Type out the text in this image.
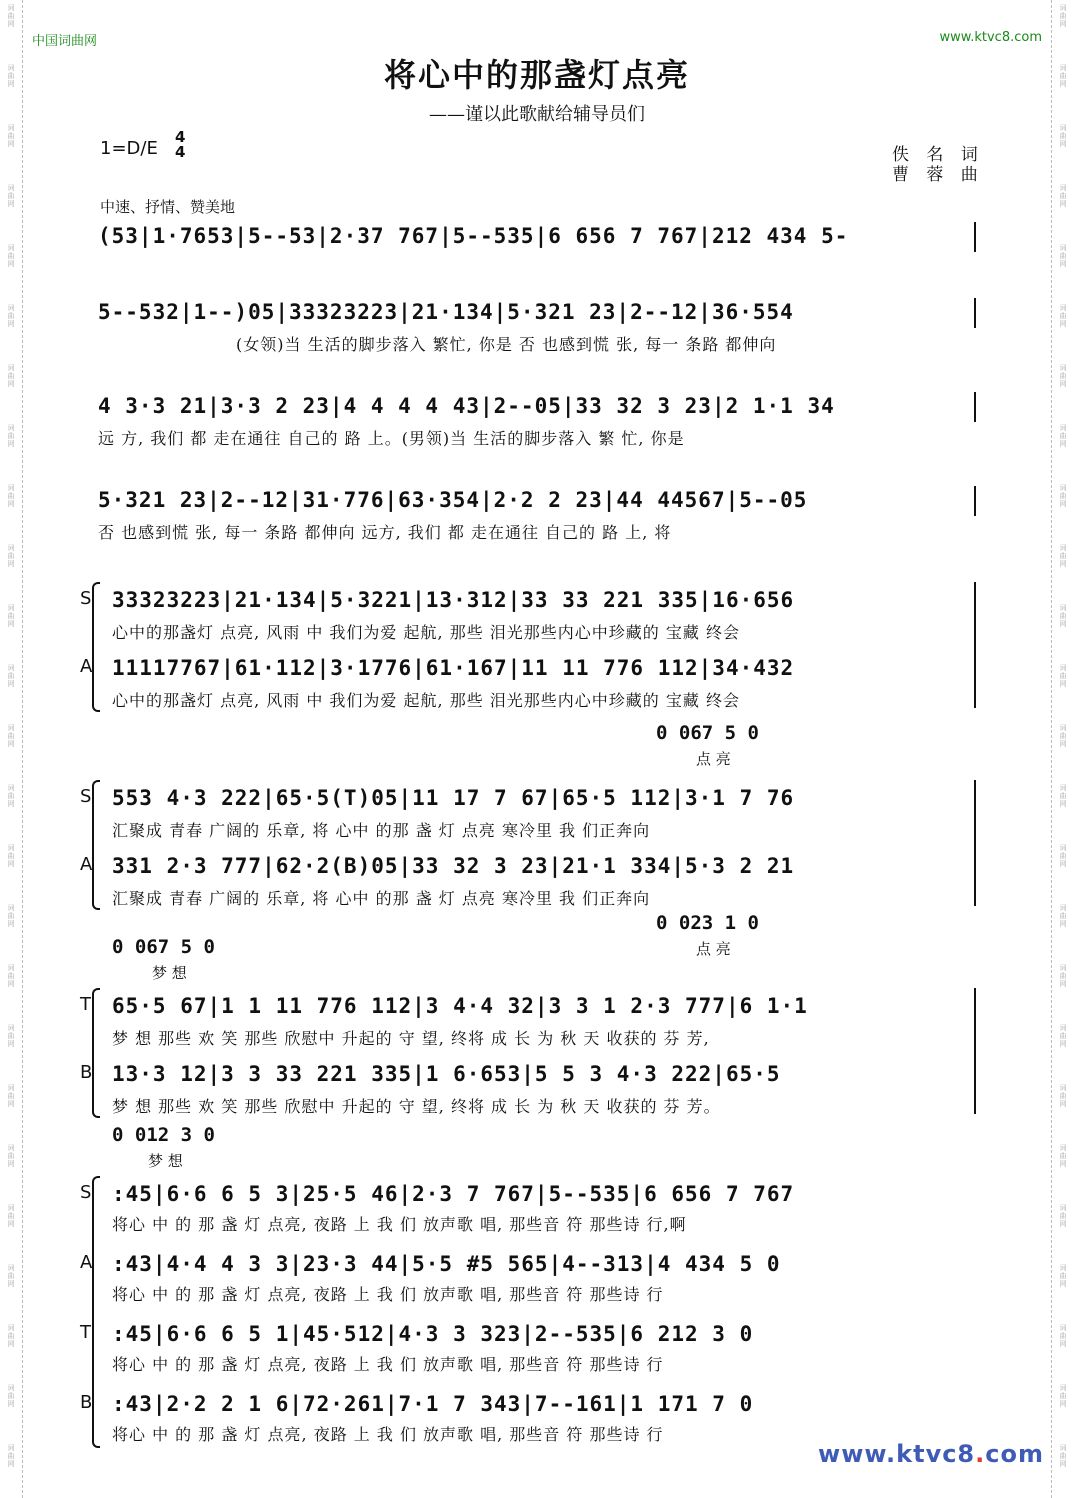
词
曲
网
词
曲
网
词
曲
网
词
曲
网
词
曲
网
词
曲
网
词
曲
网
词
曲
网
词
曲
网
词
曲
网
词
曲
网
词
曲
网
词
曲
网
词
曲
网
词
曲
网
词
曲
网
词
曲
网
词
曲
网
词
曲
网
词
曲
网
词
曲
网
词
曲
网
词
曲
网
词
曲
网
词
曲
网
词
曲
网
词
曲
网
词
曲
网
词
曲
网
词
曲
网
词
曲
网
词
曲
网
词
曲
网
词
曲
网
词
曲
网
词
曲
网
词
曲
网
词
曲
网
词
曲
网
词
曲
网
词
曲
网
词
曲
网
词
曲
网
词
曲
网
词
曲
网
词
曲
网
词
曲
网
词
曲
网
词
曲
网
词
曲
网
中国词曲网	www.ktvc8.com
将心中的那盏灯点亮
——谨以此歌献给辅导员们
1=D/E
4
4	佚 名 词
曹 蓉 曲
中速、抒情、赞美地
(53|1·7653|5--53|2·37 767|5--535|6 656 7 767|212 434 5-
5--532|1--)05|33323223|21·134|5·321 23|2--12|36·554
(女领)当 生活的脚步落入 繁忙, 你是 否 也感到慌 张, 每一 条路 都伸向
4 3·3 21|3·3 2 23|4 4 4 4 43|2--05|33 32 3 23|2 1·1 34
远 方, 我们 都 走在通往 自己的 路 上。(男领)当 生活的脚步落入 繁 忙, 你是
5·321 23|2--12|31·776|63·354|2·2 2 23|44 44567|5--05
否 也感到慌 张, 每一 条路 都伸向 远方, 我们 都 走在通往 自己的 路 上, 将
S 33323223|21·134|5·3221|13·312|33 33 221 335|16·656
心中的那盏灯 点亮, 风雨 中 我们为爱 起航, 那些 泪光那些内心中珍藏的 宝藏 终会
A 11117767|61·112|3·1776|61·167|11 11 776 112|34·432
心中的那盏灯 点亮, 风雨 中 我们为爱 起航, 那些 泪光那些内心中珍藏的 宝藏 终会
0 067 5 0
点 亮
S 553 4·3 222|65·5(T)05|11 17 7 67|65·5 112|3·1 7 76
汇聚成 青春 广阔的 乐章, 将 心中 的那 盏 灯 点亮 寒冷里 我 们正奔向
A 331 2·3 777|62·2(B)05|33 32 3 23|21·1 334|5·3 2 21
汇聚成 青春 广阔的 乐章, 将 心中 的那 盏 灯 点亮 寒冷里 我 们正奔向
0 023 1 0
点 亮
0 067 5 0
梦 想
T 65·5 67|1 1 11 776 112|3 4·4 32|3 3 1 2·3 777|6 1·1
梦 想 那些 欢 笑 那些 欣慰中 升起的 守 望, 终将 成 长 为 秋 天 收获的 芬 芳,
B 13·3 12|3 3 33 221 335|1 6·653|5 5 3 4·3 222|65·5
梦 想 那些 欢 笑 那些 欣慰中 升起的 守 望, 终将 成 长 为 秋 天 收获的 芬 芳。
0 012 3 0
梦 想
S :45|6·6 6 5 3|25·5 46|2·3 7 767|5--535|6 656 7 767
将心 中 的 那 盏 灯 点亮, 夜路 上 我 们 放声歌 唱, 那些音 符 那些诗 行,啊
A :43|4·4 4 3 3|23·3 44|5·5 #5 565|4--313|4 434 5 0
将心 中 的 那 盏 灯 点亮, 夜路 上 我 们 放声歌 唱, 那些音 符 那些诗 行
T :45|6·6 6 5 1|45·512|4·3 3 323|2--535|6 212 3 0
将心 中 的 那 盏 灯 点亮, 夜路 上 我 们 放声歌 唱, 那些音 符 那些诗 行
B :43|2·2 2 1 6|72·261|7·1 7 343|7--161|1 171 7 0
将心 中 的 那 盏 灯 点亮, 夜路 上 我 们 放声歌 唱, 那些音 符 那些诗 行
www.ktvc8.com
